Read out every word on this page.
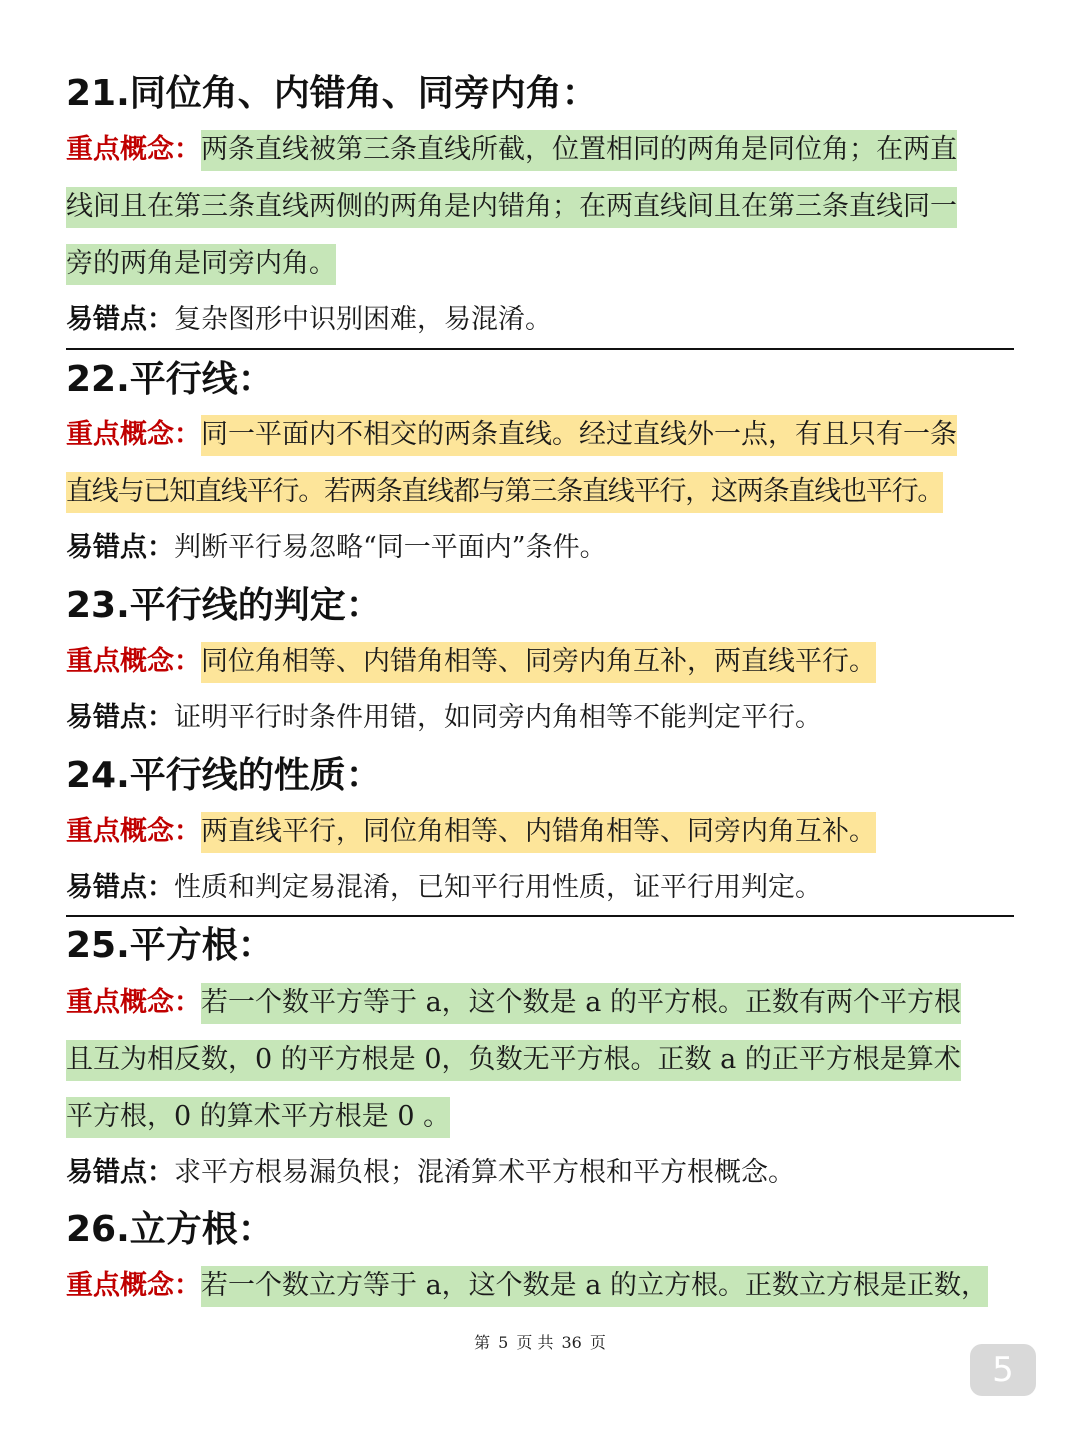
21.同位角、内错角、同旁内角：
重点概念：两条直线被第三条直线所截，位置相同的两角是同位角；在两直
线间且在第三条直线两侧的两角是内错角；在两直线间且在第三条直线同一
旁的两角是同旁内角。
易错点：复杂图形中识别困难，易混淆。
22.平行线：
重点概念：同一平面内不相交的两条直线。经过直线外一点，有且只有一条
直线与已知直线平行。若两条直线都与第三条直线平行，这两条直线也平行。
易错点：判断平行易忽略“同一平面内”条件。
23.平行线的判定：
重点概念：同位角相等、内错角相等、同旁内角互补，两直线平行。
易错点：证明平行时条件用错，如同旁内角相等不能判定平行。
24.平行线的性质：
重点概念：两直线平行，同位角相等、内错角相等、同旁内角互补。
易错点：性质和判定易混淆，已知平行用性质，证平行用判定。
25.平方根：
重点概念：若一个数平方等于 a，这个数是 a 的平方根。正数有两个平方根
且互为相反数，0 的平方根是 0，负数无平方根。正数 a 的正平方根是算术
平方根，0 的算术平方根是 0 。
易错点：求平方根易漏负根；混淆算术平方根和平方根概念。
26.立方根：
重点概念：若一个数立方等于 a，这个数是 a 的立方根。正数立方根是正数，
第 5 页 共 36 页
5
